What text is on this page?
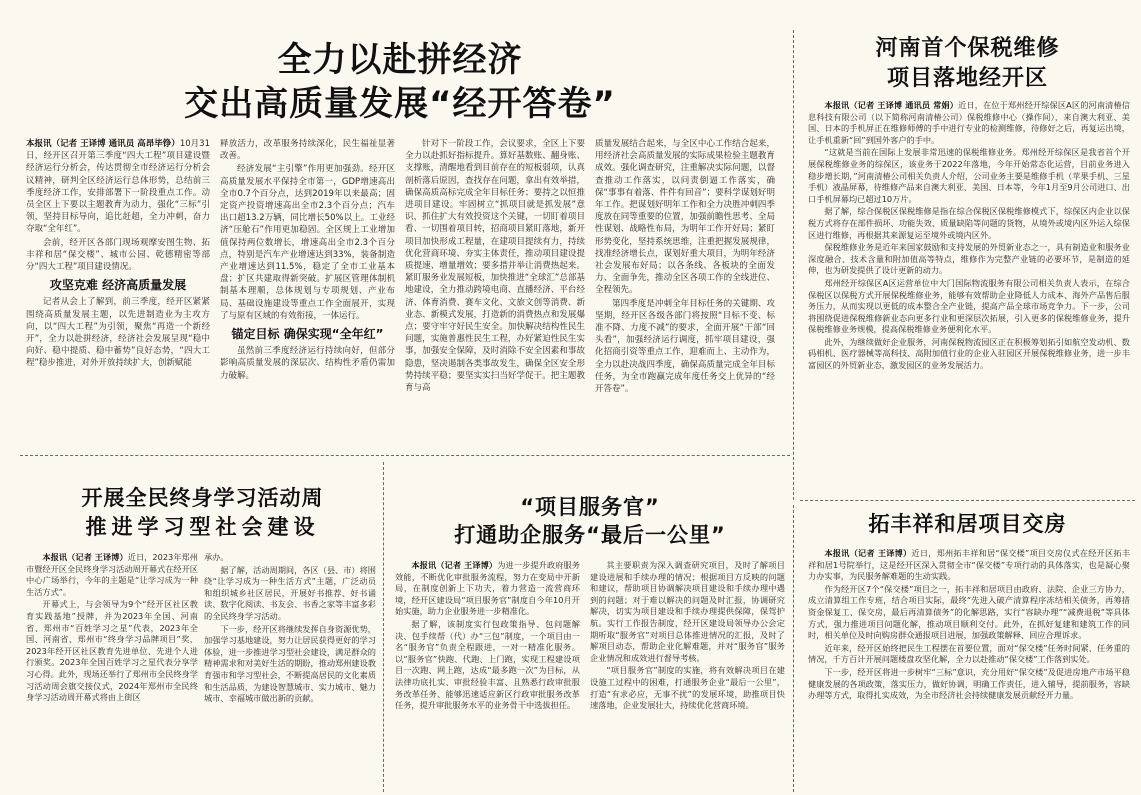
全力以赴拼经济
交出高质量发展“经开答卷”

本报讯（记者 王译博 通讯员 高昂毕铮）10月31日，经开区召开第三季度“四大工程”项目建设暨经济运行分析会，传达贯彻全市经济运行分析会议精神，研判全区经济运行总体形势，总结前三季度经济工作，安排部署下一阶段重点工作。动员全区上下要以主题教育为动力，强化“三标”引领，坚持目标导向，追比赶超，全力冲刺，奋力夺取“全年红”。

会前，经开区各部门现场观摩安图生物、拓丰祥和居“保交楼”、城市公园、乾德精密等部分“四大工程”项目建设情况。

攻坚克难 经济高质量发展

记者从会上了解到，前三季度，经开区紧紧围绕高质量发展主题，以先进制造业为主攻方向，以“四大工程”为引领，聚焦“再造一个新经开”，全力以赴拼经济，经济社会发展呈现“稳中向好、稳中提质、稳中蓄势”良好态势，“四大工程”稳步推进，对外开放持续扩大，创新赋能

释放活力，改革服务持续深化，民生福祉显著改善。

经济发展“主引擎”作用更加强劲。经开区高质量发展水平保持全市第一，GDP增速高出全市0.7个百分点，达到2019年以来最高；固定资产投资增速高出全市2.3个百分点；汽车出口超13.2万辆，同比增长50%以上。工业经济“压舱石”作用更加稳固。全区规上工业增加值保持两位数增长，增速高出全市2.3个百分点，特别是汽车产业增速达到33%，装备制造产业增速达到11.5%，稳定了全市工业基本盘；扩区共建取得新突破。扩展区管理体制机制基本理顺，总体规划与专项规划、产业布局、基础设施建设等重点工作全面展开，实现了与原有区域的有效衔接，一体运行。

锚定目标 确保实现“全年红”

虽然前三季度经济运行持续向好，但部分影响高质量发展的深层次、结构性矛盾仍需加力破解。

针对下一阶段工作，会议要求，全区上下要全力以赴抓好指标提升。算好基数账、翻身账、支撑账，清醒地看到目前存在的短板弱项，认真剖析落后原因，查找存在问题，拿出有效举措，确保高质高标完成全年目标任务；要持之以恒推进项目建设。牢固树立“抓项目就是抓发展”意识，抓住扩大有效投资这个关键，一切盯着项目看、一切围着项目转，招商项目紧盯落地，新开项目加快形成工程量，在建项目提续有力，持续优化营商环境、夯实主体责任，推动项目建设提质提速、增量增效；要多措并举让消费热起来。紧盯服务业发展短板，加快推进“全球汇”总部基地建设，全力推动跨境电商、直播经济、平台经济、体育消费、赛车文化、文旅文创等消费、新业态、新模式发展，打造新的消费热点和发展爆点；要守牢守好民生安全。加快解决结构性民生问题，实施普惠性民生工程，办好紧迫性民生实事，加强安全保障，及时消除不安全因素和事故隐患，坚决遏制各类事故发生，确保全区安全形势持续平稳；要坚实实扫当好学促干。把主题教育与高

质量发展结合起来，与全区中心工作结合起来，用经济社会高质量发展的实际成果检验主题教育成效。强化调查研究，注重解决实际问题，以督查推动工作落实，以问责倒逼工作落实，确保“事事有着落、件件有回音”；要科学谋划好明年工作。把谋划好明年工作和全力决胜冲刺四季度放在同等重要的位置，加强前瞻性思考、全局性谋划、战略性布局，为明年工作开好局；紧盯形势变化，坚持系统思维，注重把握发展规律，找准经济增长点，谋划好重大项目，为明年经济社会发展布好局；以各条线、各板块的全面发力、全面争先，推动全区各项工作的全线进位、全程领先。

第四季度是冲刺全年目标任务的关键期、攻坚期，经开区各级各部门将按照“目标不变、标准不降、力度不减”的要求，全面开展“干部“回头看”，加强经济运行调度，抓牢项目建设，强化招商引资等重点工作，迎难而上、主动作为，全力以赴决战四季度，确保高质量完成全年目标任务，为全市跑赢完成年度任务交上优异的“经开答卷”。

河南首个保税维修
项目落地经开区

本报讯（记者 王译博 通讯员 常娟）近日，在位于郑州经开综保区A区的河南清椿信息科技有限公司（以下简称河南清椿公司）保税维修中心（操作间），来自澳大利亚、美国、日本的手机屏正在维修师傅的手中进行专业的检测维修，待修好之后，再复运出境，让手机重新“回”到国外客户的手中。

“这就是当前在国际上发展非常迅速的保税维修业务。郑州经开综保区是我省首个开展保税维修业务的综保区，该业务于2022年落地，今年开始常态化运营，目前业务进入稳步增长期，”河南清椿公司相关负责人介绍，公司业务主要是维修手机（苹果手机、三星手机）液晶屏幕，待维修产品来自澳大利亚、美国、日本等，今年1月至9月公司进口、出口手机屏幕均已超过10万片。

据了解，综合保税区保税维修是指在综合保税区保税维修模式下，综保区内企业以保税方式将存在部件损坏、功能失效、质量缺陷等问题的货物，从境外或境内区外运入综保区进行维修，再根据其来源复运至境外或境内区外。

保税维修业务是近年来国家鼓励和支持发展的外贸新业态之一，具有制造业和服务业深度融合、技术含量和附加值高等特点，维修作为完整产业链的必要环节，是制造的延伸，也为研发提供了设计更新的动力。

郑州经开综保区A区运营单位中大门国际物流服务有限公司相关负责人表示，在综合保税区以保税方式开展保税维修业务，能够有效帮助企业降低人力成本、海外产品售后服务压力，从而实现以更低的成本整合全产业链，提高产品全球市场竞争力。下一步，公司将围绕促进保税维修新业态向更多行业和更深层次拓展，引入更多的保税维修业务，提升保税维修业务规模，提高保税维修业务便利化水平。

此外，为继续做好企业服务，河南保税物流园区正在积极筹划拓引如航空发动机、数码相机、医疗器械等高科技、高附加值行业的企业入驻园区开展保税维修业务，进一步丰富园区的外贸新业态，激发园区的业务发展活力。

开展全民终身学习活动周
推进学习型社会建设

本报讯（记者 王译博）近日，2023年郑州市暨经开区全民终身学习活动周开幕式在经开区中心广场举行，今年的主题是“让学习成为一种生活方式”。

开幕式上，与会领导为9个“经开区社区教育实践基地”授牌，并为2023年全国、河南省、郑州市“百姓学习之星”代表，2023年全国、河南省、郑州市“终身学习品牌项目”奖，2023年经开区社区教育先进单位、先进个人进行颁奖。2023年全国百姓学习之星代表分享学习心得。此外，现场还举行了郑州市全民终身学习活动周会旗交接仪式，2024年郑州市全民终身学习活动周开幕式将由上街区

承办。

据了解，活动周期间，各区（县、市）将围绕“让学习成为一种生活方式”主题，广泛动员和组织城乡社区居民，开展好书推荐、好书诵读、数字化阅读、书友会、书香之家等丰富多彩的全民终身学习活动。

下一步，经开区将继续发挥自身资源优势，加强学习基地建设，努力让居民获得更好的学习体验，进一步推进学习型社会建设，满足群众的精神需求和对美好生活的期盼，推动郑州建设教育强市和学习型社会，不断提高居民的文化素质和生活品质，为建设智慧城市、实力城市、魅力城市、幸福城市做出新的贡献。

“项目服务官”
打通助企服务“最后一公里”

本报讯（记者 王译博）为进一步提升政府服务效能，不断优化审批服务流程，努力在变局中开新局，在制度创新上下功夫，着力营造一流营商环境，经开区建设局“项目服务官”制度自今年10月开始实施，助力企业服务进一步精准化。

据了解，该制度实行包政策指导、包问题解决、包手续帮（代）办“三包”制度，一个项目由一名“服务官”负责全程跟进，一对一精准化服务。以“服务官”快跑、代跑、上门跑，实现工程建设项目一次跑、网上跑，达成“最多跑一次”为目标，从法律功底扎实、审批经验丰富、且熟悉行政审批服务改革任务、能够迅速适应新区行政审批服务改革任务，提升审批服务水平的业务骨干中选拔担任。

其主要职责为深入调查研究项目，及时了解项目建设进展和手续办理的情况；根据项目方反映的问题和建议，帮助项目协调解决项目建设和手续办理中遇到的问题；对于难以解决的问题及时汇报，协调研究解决，切实为项目建设和手续办理提供保障，保驾护航。实行工作报告制度，经开区建设局领导办公会定期听取“服务官”对项目总体推进情况的汇报，及时了解项目动态，帮助企业化解难题，并对“服务官”服务企业情况和成效进行督导考核。

“项目服务官”制度的实施，将有效解决项目在建设施工过程中的困难，打通服务企业“最后一公里”，打造“有求必应，无事不扰”的发展环境，助推项目快速落地，企业发展壮大，持续优化营商环境。

拓丰祥和居项目交房

本报讯（记者 王译博）近日，郑州拓丰祥和居“保交楼”项目交房仪式在经开区拓丰祥和居1号院举行，这是经开区深入贯彻全市“保交楼”专项行动的具体落实，也是凝心聚力办实事，为民服务解难题的生动实践。

作为经开区7个“保交楼”项目之一，拓丰祥和居项目由政府、法院、企业三方协力，成立清算组工作专班，结合项目实际，最终“先进入破产清算程序冻结相关债务，再筹措资金保复工、保交房，最后再清算债务”的化解思路，实行“容缺办理”“减费退税”等具体方式，强力推进项目问题化解，推动项目顺利交付。此外，在抓好复建和建筑工作的同时，相关单位及时向购房群众通报项目进展，加强政策解释、回应合理诉求。

近年来，经开区始终把民生工程摆在首要位置，面对“保交楼”任务时间紧、任务重的情况，千方百计开展问题楼盘攻坚化解，全力以赴推动“保交楼”工作落到实处。

下一步，经开区将进一步树牢“三标”意识，充分用好“保交楼”及促进房地产市场平稳健康发展的各项政策，落实压力，做好协调，明确工作责任，进入辅导，提前服务，容缺办理等方式，取得扎实成效，为全市经济社会持续健康发展贡献经开力量。
